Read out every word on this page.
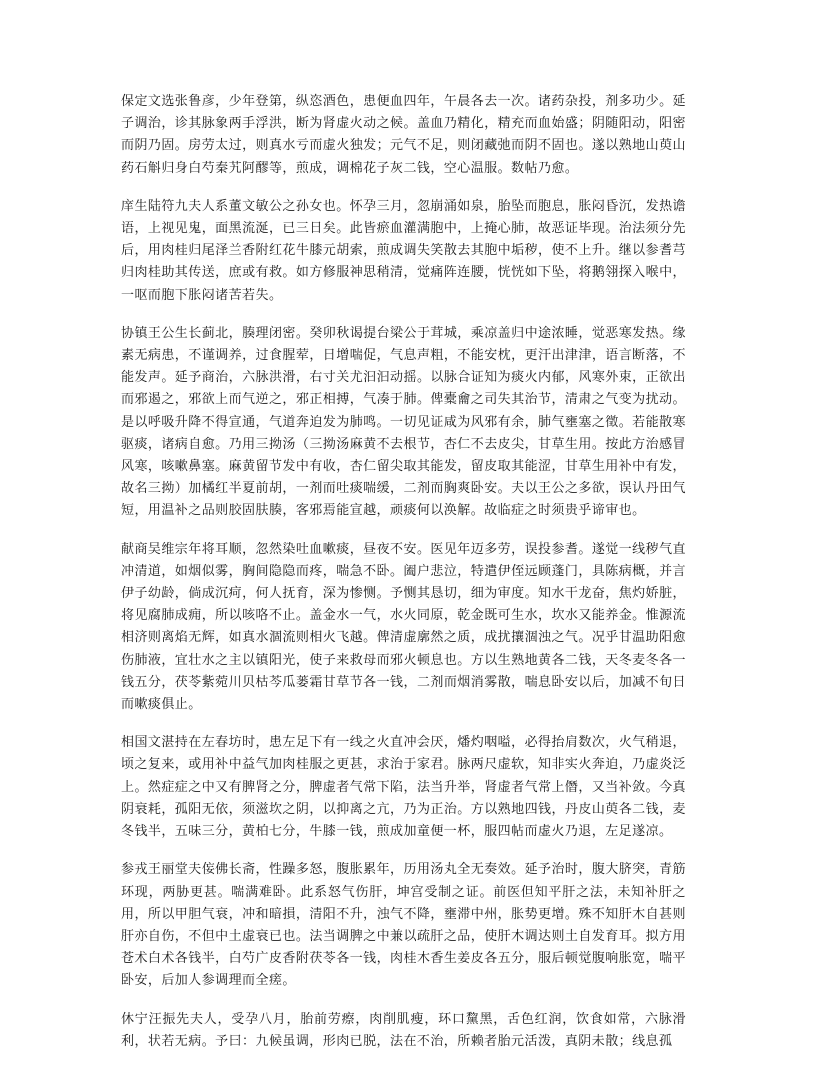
保定文选张鲁彦，少年登第，纵恣酒色，患便血四年，午晨各去一次。诸药杂投，剂多功少。延子调治，诊其脉象两手浮洪，断为肾虚火动之候。盖血乃精化，精充而血始盛；阴随阳动，阳密而阴乃固。房劳太过，则真水亏而虚火独发；元气不足，则闭藏弛而阴不固也。遂以熟地山萸山药石斛归身白芍秦艽阿醪等，煎成，调棉花子灰二钱，空心温服。数帖乃愈。

庠生陆符九夫人系董文敏公之孙女也。怀孕三月，忽崩涌如泉，胎坠而胞息，胀闷昏沉，发热谵语，上视见鬼，面黑流涎，已三日矣。此皆瘀血灌满胞中，上掩心肺，故恶证毕现。治法须分先后，用肉桂归尾泽兰香附红花牛膝元胡索，煎成调失笑散去其胞中垢秽，使不上升。继以参耆芎归肉桂助其传送，庶或有救。如方修服神思稍清，觉痛阵连腰，恍恍如下坠，将鹅翎探入喉中，一呕而胞下胀闷诸苦若失。

协镇王公生长蓟北，腠理闭密。癸卯秋谒提台梁公于茸城，乘凉盖归中途浓睡，觉恶寒发热。缘素无病患，不谨调养，过食腥荤，日增喘促，气息声粗，不能安枕，更汗出津津，语言断落，不能发声。延予商治，六脉洪滑，右寸关尤汩汩动摇。以脉合证知为痰火内郁，风寒外束，正欲出而邪遏之，邪欲上而气逆之，邪正相搏，气凑于肺。俾橐龠之司失其治节，清肃之气变为扰动。是以呼吸升降不得宣通，气道奔迫发为肺鸣。一切见证咸为风邪有余，肺气壅塞之徵。若能散寒驱痰，诸病自愈。乃用三拗汤（三拗汤麻黄不去根节，杏仁不去皮尖，甘草生用。按此方治感冒风寒，咳嗽鼻塞。麻黄留节发中有收，杏仁留尖取其能发，留皮取其能涩，甘草生用补中有发，故名三拗）加橘红半夏前胡，一剂而吐痰喘缓，二剂而胸爽卧安。夫以王公之多欲，误认丹田气短，用温补之品则胶固肤腠，客邪焉能宣越，顽痰何以涣解。故临症之时须贵乎谛审也。

献商吴维宗年将耳顺，忽然染吐血嗽痰，昼夜不安。医见年迈多劳，误投参耆。遂觉一线秽气直冲清道，如烟似雾，胸间隐隐而疼，喘急不卧。阖户悲泣，特遣伊侄远顾蓬门，具陈病概，并言伊子幼龄，倘成沉疴，何人抚育，深为惨恻。予恻其恳切，细为审度。知水干龙奋，焦灼娇脏，将见腐肺成痈，所以咳咯不止。盖金水一气，水火同原，乾金既可生水，坎水又能养金。惟源流相济则离焰无辉，如真水涸流则相火飞越。俾清虚廓然之质，成扰攘涸浊之气。况乎甘温助阳愈伤肺液，宜壮水之主以镇阳光，使子来救母而邪火顿息也。方以生熟地黄各二钱，天冬麦冬各一钱五分，茯苓紫菀川贝枯芩瓜蒌霜甘草节各一钱，二剂而烟消雾散，喘息卧安以后，加减不旬日而嗽痰俱止。

相国文湛持在左春坊时，患左足下有一线之火直冲会厌，燔灼咽嗌，必得抬肩数次，火气稍退，顷之复来，或用补中益气加肉桂服之更甚，求治于家君。脉两尺虚软，知非实火奔迫，乃虚炎泛上。然症症之中又有脾肾之分，脾虚者气常下陷，法当升举，肾虚者气常上僭，又当补敛。今真阴衰耗，孤阳无依，须滋坎之阴，以抑离之亢，乃为正治。方以熟地四钱，丹皮山萸各二钱，麦冬钱半，五味三分，黄柏七分，牛膝一钱，煎成加童便一杯，服四帖而虚火乃退，左足遂凉。

参戎王丽堂夫侫佛长斋，性躁多怒，腹胀累年，历用汤丸全无奏效。延予治时，腹大脐突，青筋环现，两胁更甚。喘满难卧。此系怒气伤肝，坤宫受制之证。前医但知平肝之法，未知补肝之用，所以甲胆气衰，冲和暗損，清阳不升，浊气不降，壅滞中州，胀势更增。殊不知肝木自甚则肝亦自伤，不但中土虚衰已也。法当调脾之中兼以疏肝之品，使肝木调达则土自发育耳。拟方用苍术白术各钱半，白芍广皮香附茯苓各一钱，肉桂木香生姜皮各五分，服后顿觉腹响胀宽，喘平卧安，后加人参调理而全瘥。

休宁汪振先夫人，受孕八月，胎前劳瘵，肉削肌瘦，环口黧黑，舌色红润，饮食如常，六脉滑利，状若无病。予曰：九候虽调，形肉已脱，法在不治，所赖者胎元活泼，真阴未散；线息孤
